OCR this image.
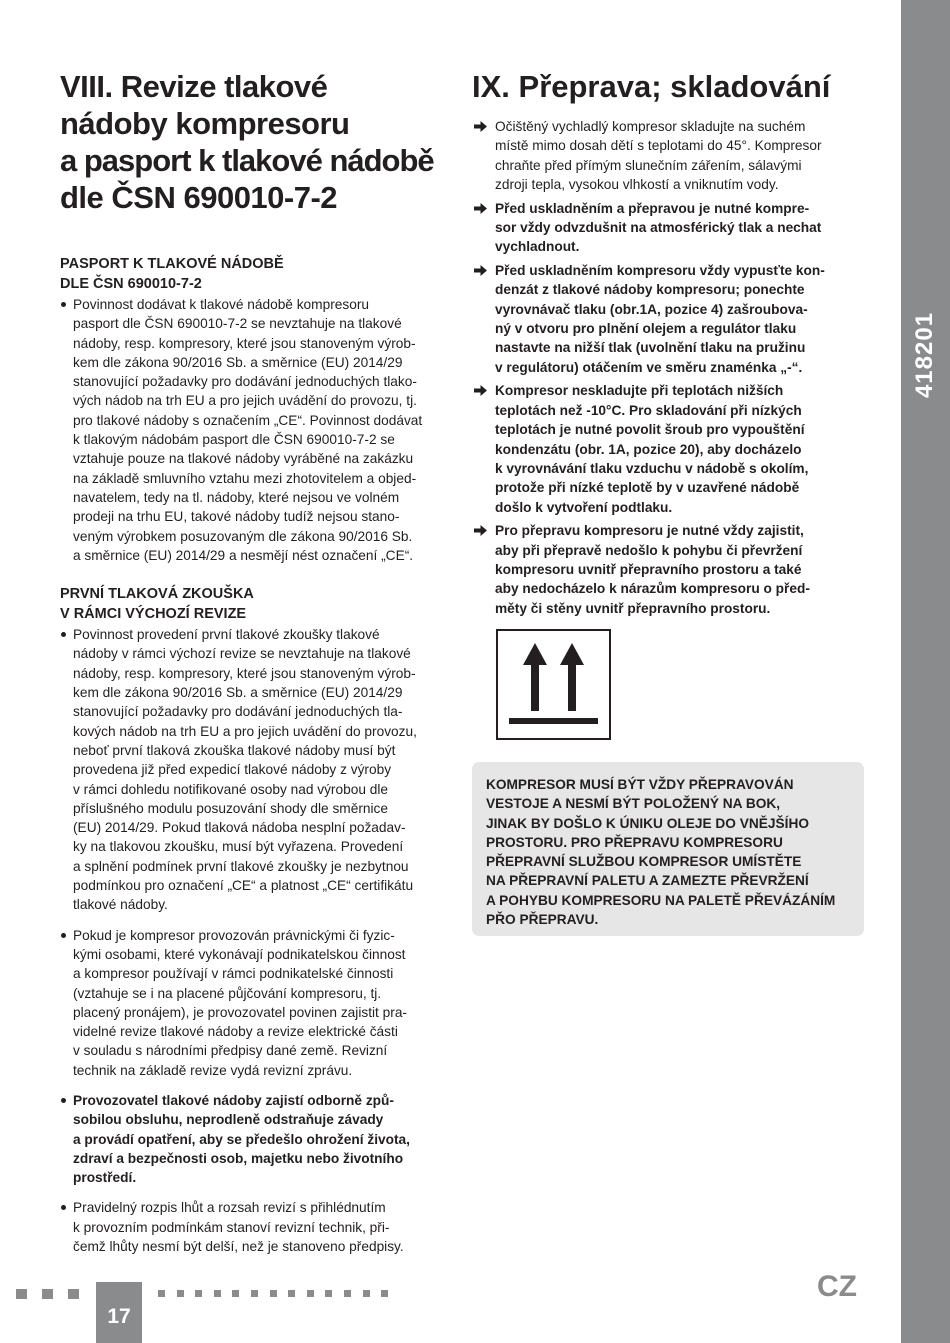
418201
VIII. Revize tlakové
nádoby kompresoru
a pasport k tlakové nádobě
dle ČSN 690010-7-2
PASPORT K TLAKOVÉ NÁDOBĚ
DLE ČSN 690010-7-2
Povinnost dodávat k tlakové nádobě kompresoru
pasport dle ČSN 690010-7-2 se nevztahuje na tlakové
nádoby, resp. kompresory, které jsou stanoveným výrob-
kem dle zákona 90/2016 Sb. a směrnice (EU) 2014/29
stanovující požadavky pro dodávání jednoduchých tlako-
vých nádob na trh EU a pro jejich uvádění do provozu, tj.
pro tlakové nádoby s označením „CE“. Povinnost dodávat
k tlakovým nádobám pasport dle ČSN 690010-7-2 se
vztahuje pouze na tlakové nádoby vyráběné na zakázku
na základě smluvního vztahu mezi zhotovitelem a objed-
navatelem, tedy na tl. nádoby, které nejsou ve volném
prodeji na trhu EU, takové nádoby tudíž nejsou stano-
veným výrobkem posuzovaným dle zákona 90/2016 Sb.
a směrnice (EU) 2014/29 a nesmějí nést označení „CE“.
PRVNÍ TLAKOVÁ ZKOUŠKA
V RÁMCI VÝCHOZÍ REVIZE
Povinnost provedení první tlakové zkoušky tlakové
nádoby v rámci výchozí revize se nevztahuje na tlakové
nádoby, resp. kompresory, které jsou stanoveným výrob-
kem dle zákona 90/2016 Sb. a směrnice (EU) 2014/29
stanovující požadavky pro dodávání jednoduchých tla-
kových nádob na trh EU a pro jejich uvádění do provozu,
neboť první tlaková zkouška tlakové nádoby musí být
provedena již před expedicí tlakové nádoby z výroby
v rámci dohledu notifikované osoby nad výrobou dle
příslušného modulu posuzování shody dle směrnice
(EU) 2014/29. Pokud tlaková nádoba nesplní požadav-
ky na tlakovou zkoušku, musí být vyřazena. Provedení
a splnění podmínek první tlakové zkoušky je nezbytnou
podmínkou pro označení „CE“ a platnost „CE“ certifikátu
tlakové nádoby.
Pokud je kompresor provozován právnickými či fyzic-
kými osobami, které vykonávají podnikatelskou činnost
a kompresor používají v rámci podnikatelské činnosti
(vztahuje se i na placené půjčování kompresoru, tj.
placený pronájem), je provozovatel povinen zajistit pra-
videlné revize tlakové nádoby a revize elektrické části
v souladu s národními předpisy dané země. Revizní
technik na základě revize vydá revizní zprávu.
Provozovatel tlakové nádoby zajistí odborně způ-
sobilou obsluhu, neprodleně odstraňuje závady
a provádí opatření, aby se předešlo ohrožení života,
zdraví a bezpečnosti osob, majetku nebo životního
prostředí.
Pravidelný rozpis lhůt a rozsah revizí s přihlédnutím
k provozním podmínkám stanoví revizní technik, při-
čemž lhůty nesmí být delší, než je stanoveno předpisy.
IX. Přeprava; skladování
Očištěný vychladlý kompresor skladujte na suchém
místě mimo dosah dětí s teplotami do 45°. Kompresor
chraňte před přímým slunečním zářením, sálavými
zdroji tepla, vysokou vlhkostí a vniknutím vody.
Před uskladněním a přepravou je nutné kompre-
sor vždy odvzdušnit na atmosférický tlak a nechat
vychladnout.
Před uskladněním kompresoru vždy vypusťte kon-
denzát z tlakové nádoby kompresoru; ponechte
vyrovnávač tlaku (obr.1A, pozice 4) zašroubova-
ný v otvoru pro plnění olejem a regulátor tlaku
nastavte na nižší tlak (uvolnění tlaku na pružinu
v regulátoru) otáčením ve směru znaménka „-“.
Kompresor neskladujte při teplotách nižších
teplotách než -10°C. Pro skladování při nízkých
teplotách je nutné povolit šroub pro vypouštění
kondenzátu (obr. 1A, pozice 20), aby docházelo
k vyrovnávání tlaku vzduchu v nádobě s okolím,
protože při nízké teplotě by v uzavřené nádobě
došlo k vytvoření podtlaku.
Pro přepravu kompresoru je nutné vždy zajistit,
aby při přepravě nedošlo k pohybu či převržení
kompresoru uvnitř přepravního prostoru a také
aby nedocházelo k nárazům kompresoru o před-
měty či stěny uvnitř přepravního prostoru.
KOMPRESOR MUSÍ BÝT VŽDY PŘEPRAVOVÁN
VESTOJE A NESMÍ BÝT POLOŽENÝ NA BOK,
JINAK BY DOŠLO K ÚNIKU OLEJE DO VNĚJŠÍHO
PROSTORU. PRO PŘEPRAVU KOMPRESORU
PŘEPRAVNÍ SLUŽBOU KOMPRESOR UMÍSTĚTE
NA PŘEPRAVNÍ PALETU A ZAMEZTE PŘEVRŽENÍ
A POHYBU KOMPRESORU NA PALETĚ PŘEVÁZÁNÍM
PŘO PŘEPRAVU.
17
CZ
